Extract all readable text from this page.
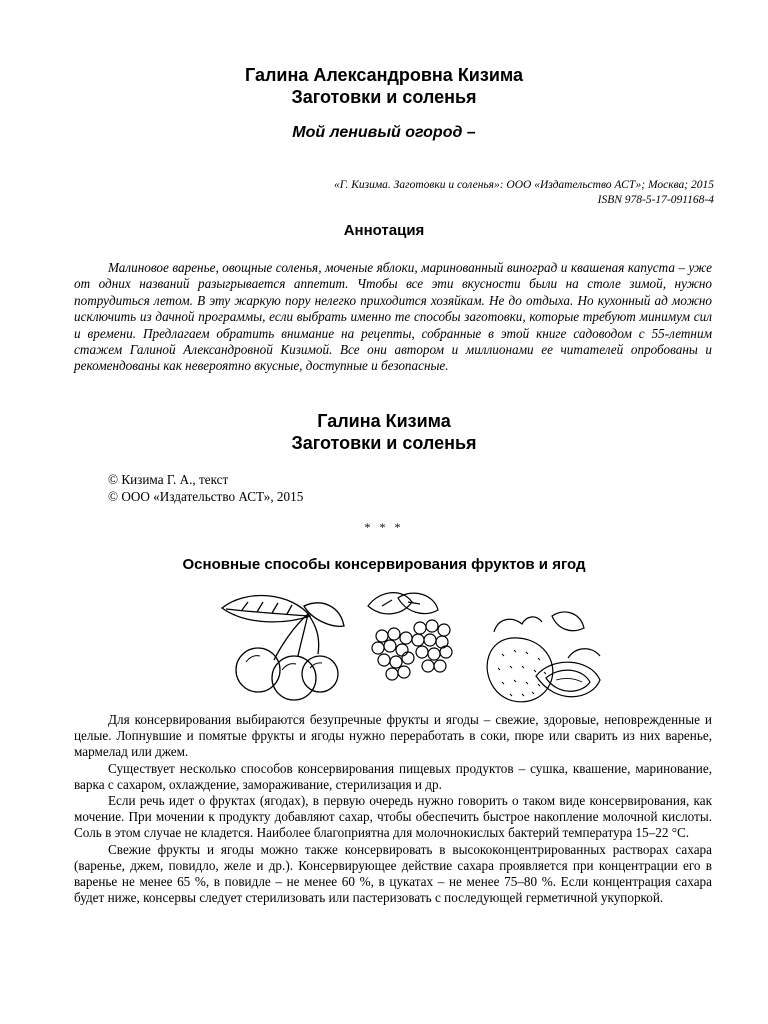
Галина Александровна Кизима
Заготовки и соленья
Мой ленивый огород –
«Г. Кизима. Заготовки и соленья»: ООО «Издательство АСТ»; Москва; 2015
ISBN 978-5-17-091168-4
Аннотация

Малиновое варенье, овощные соленья, моченые яблоки, маринованный виноград и квашеная капуста – уже от одних названий разыгрывается аппетит. Чтобы все эти вкусности были на столе зимой, нужно потрудиться летом. В эту жаркую пору нелегко приходится хозяйкам. Не до отдыха. Но кухонный ад можно исключить из дачной программы, если выбрать именно те способы заготовки, которые требуют минимум сил и времени. Предлагаем обратить внимание на рецепты, собранные в этой книге садоводом с 55-летним стажем Галиной Александровной Кизимой. Все они автором и миллионами ее читателей опробованы и рекомендованы как невероятно вкусные, доступные и безопасные.

Галина Кизима
Заготовки и соленья
© Кизима Г. А., текст
© ООО «Издательство АСТ», 2015
* * *
Основные способы консервирования фруктов и ягод

Для консервирования выбираются безупречные фрукты и ягоды – свежие, здоровые, неповрежденные и целые. Лопнувшие и помятые фрукты и ягоды нужно переработать в соки, пюре или сварить из них варенье, мармелад или джем.

Существует несколько способов консервирования пищевых продуктов – сушка, квашение, маринование, варка с сахаром, охлаждение, замораживание, стерилизация и др.

Если речь идет о фруктах (ягодах), в первую очередь нужно говорить о таком виде консервирования, как мочение. При мочении к продукту добавляют сахар, чтобы обеспечить быстрое накопление молочной кислоты. Соль в этом случае не кладется. Наиболее благоприятна для молочнокислых бактерий температура 15–22 °С.

Свежие фрукты и ягоды можно также консервировать в высококонцентрированных растворах сахара (варенье, джем, повидло, желе и др.). Консервирующее действие сахара проявляется при концентрации его в варенье не менее 65 %, в повидле – не менее 60 %, в цукатах – не менее 75–80 %. Если концентрация сахара будет ниже, консервы следует стерилизовать или пастеризовать с последующей герметичной укупоркой.
